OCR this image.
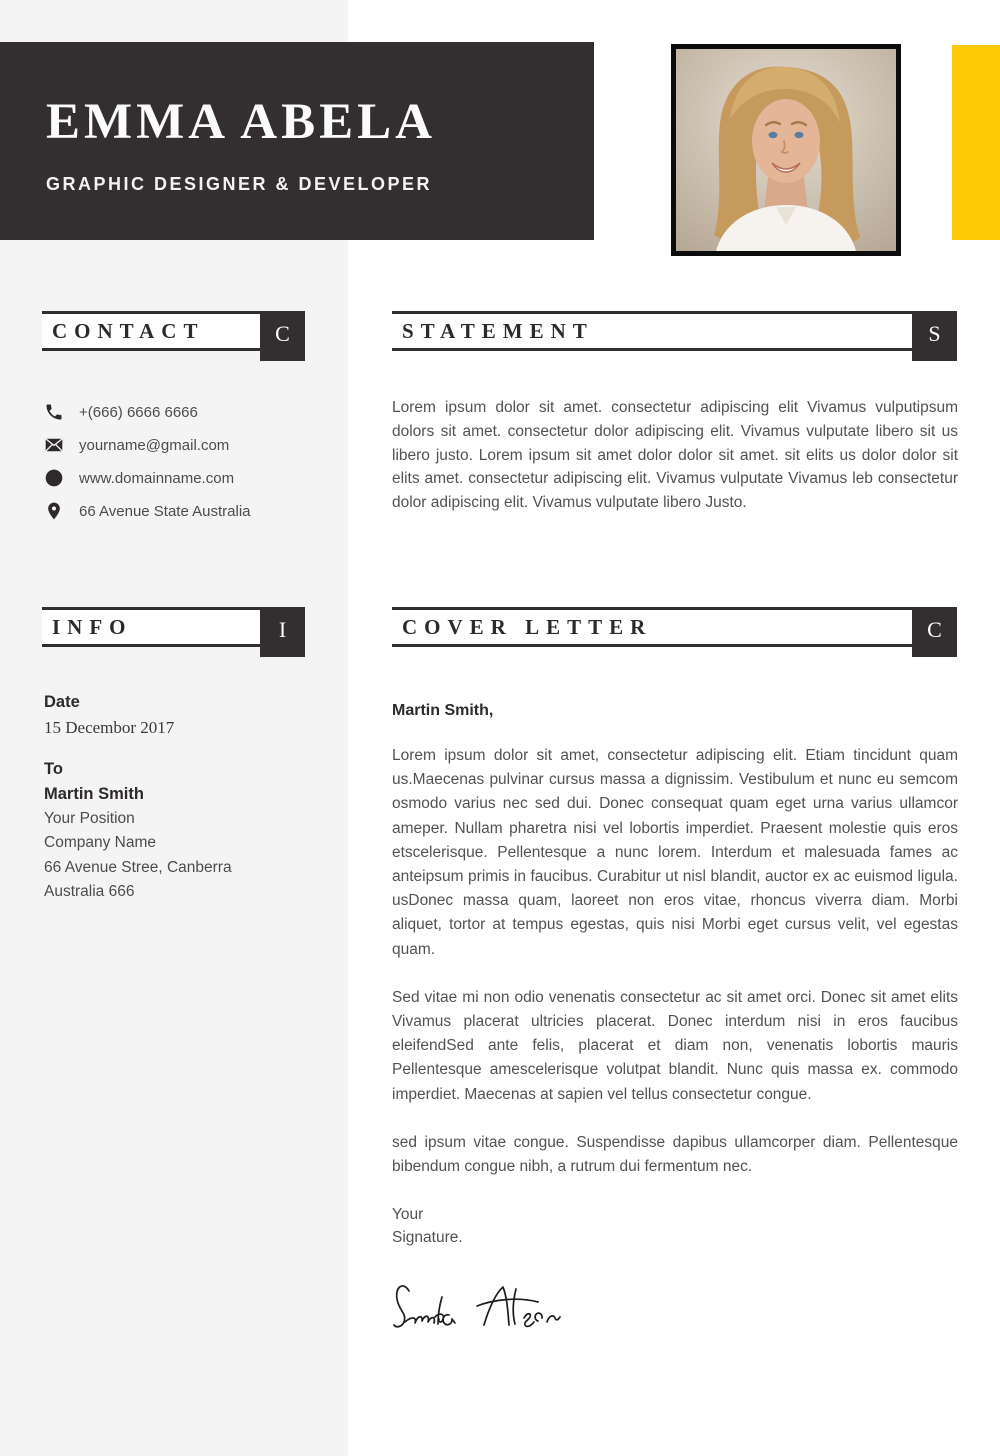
EMMA ABELA
GRAPHIC DESIGNER & DEVELOPER
CONTACT	C
+(666) 6666 6666
yourname@gmail.com
www.domainname.com
66 Avenue State Australia
INFO	I
Date
15 Decembor 2017
To
Martin Smith
Your Position
Company Name
66 Avenue Stree, Canberra
Australia 666
STATEMENT	S
Lorem ipsum dolor sit amet. consectetur adipiscing elit Vivamus vulputipsum dolors sit amet. consectetur dolor adipiscing elit. Vivamus vulputate libero sit us libero justo. Lorem ipsum sit amet dolor dolor sit amet. sit elits us dolor dolor sit elits amet. consectetur adipiscing elit. Vivamus vulputate Vivamus leb consectetur dolor adipiscing elit. Vivamus vulputate libero Justo.
COVER LETTER	C
Martin Smith,
Lorem ipsum dolor sit amet, consectetur adipiscing elit. Etiam tincidunt quam us.Maecenas pulvinar cursus massa a dignissim. Vestibulum et nunc eu semcom osmodo varius nec sed dui. Donec consequat quam eget urna varius ullamcor ameper. Nullam pharetra nisi vel lobortis imperdiet. Praesent molestie quis eros etscelerisque. Pellentesque a nunc lorem. Interdum et malesuada fames ac anteipsum primis in faucibus. Curabitur ut nisl blandit, auctor ex ac euismod ligula. usDonec massa quam, laoreet non eros vitae, rhoncus viverra diam. Morbi aliquet, tortor at tempus egestas, quis nisi Morbi eget cursus velit, vel egestas quam.
Sed vitae mi non odio venenatis consectetur ac sit amet orci. Donec sit amet elits Vivamus placerat ultricies placerat. Donec interdum nisi in eros faucibus eleifendSed ante felis, placerat et diam non, venenatis lobortis mauris Pellentesque amescelerisque volutpat blandit. Nunc quis massa ex. commodo imperdiet. Maecenas at sapien vel tellus consectetur congue.
sed ipsum vitae congue. Suspendisse dapibus ullamcorper diam. Pellentesque bibendum congue nibh, a rutrum dui fermentum nec.
Your
Signature.
